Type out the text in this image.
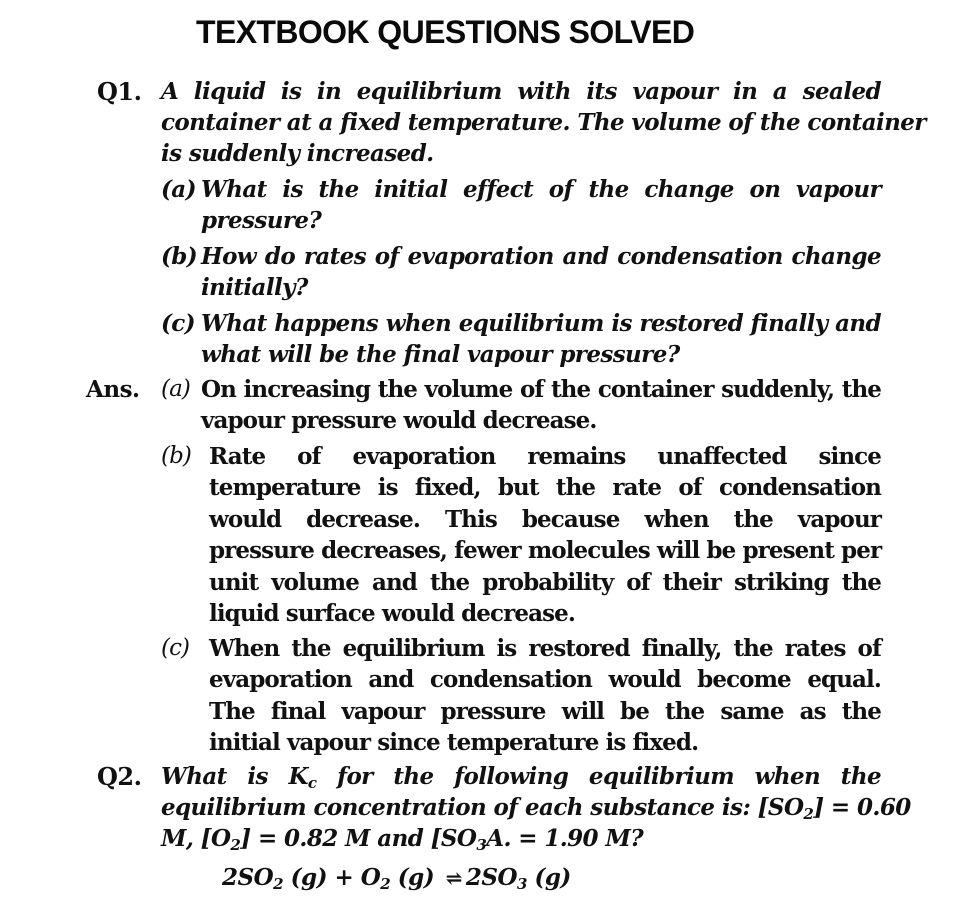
TEXTBOOK QUESTIONS SOLVED
Q1. A liquid is in equilibrium with its vapour in a sealed
container at a fixed temperature. The volume of the container
is suddenly increased.
(a) What is the initial effect of the change on vapour
pressure?
(b) How do rates of evaporation and condensation change
initially?
(c) What happens when equilibrium is restored finally and
what will be the final vapour pressure?
Ans. (a) On increasing the volume of the container suddenly, the
vapour pressure would decrease.
(b) Rate of evaporation remains unaffected since
temperature is fixed, but the rate of condensation
would decrease. This because when the vapour
pressure decreases, fewer molecules will be present per
unit volume and the probability of their striking the
liquid surface would decrease.
(c) When the equilibrium is restored finally, the rates of
evaporation and condensation would become equal.
The final vapour pressure will be the same as the
initial vapour since temperature is fixed.
Q2. What is $K_c$ for the following equilibrium when the
equilibrium concentration of each substance is: $[SO_2] = 0.60$
M, $[O_2] = 0.82$ M and [$SO_3A$. = 1.90 M?
$2SO_2$ $(g) + O_2$ (g) ⇌ $2SO_3$ (g)
